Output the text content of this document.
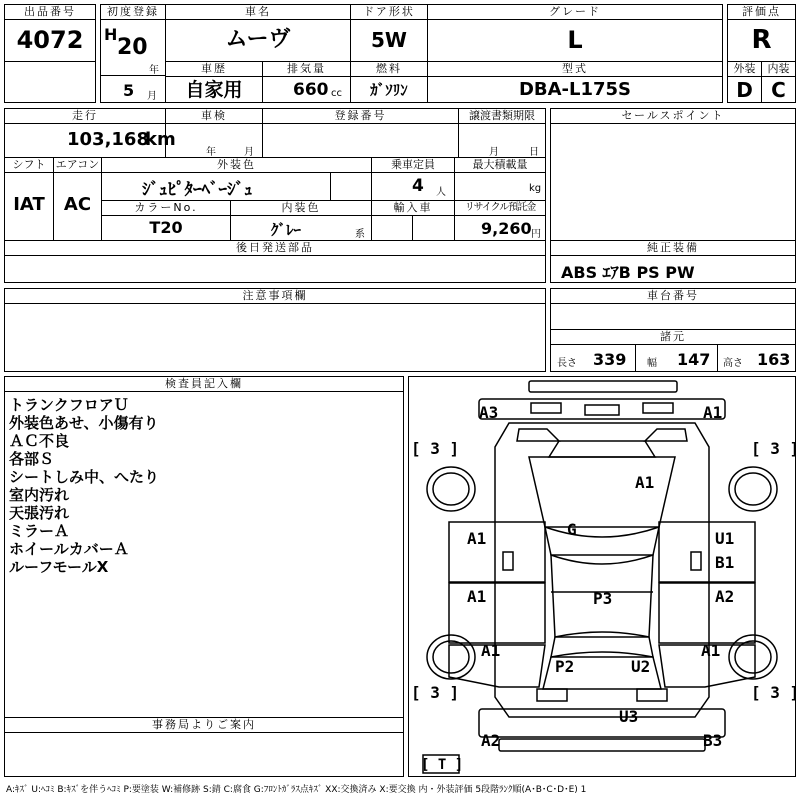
出品番号
4072
初度登録
H
20
年
5 月
車名
ムーヴ
車歴
自家用
排気量
660 cc
ドア形状
5W
燃料
ｶﾞｿﾘﾝ
グレード
L
型式
DBA-L175S
評価点
R
外装
D
内装
C
走行
103,168
km
車検
年	月
登録番号	譲渡書類期限
月	日
セールスポイント
シフト
IAT
エアコン
AC
外装色
ｼﾞｭﾋﾟﾀｰﾍﾞｰｼﾞｭ
乗車定員
4 人
最大積載量
kg
カラーNo.
T20
内装色
ｸﾞﾚｰ	系
輸入車	リサイクル預託金
9,260 円
後日発送部品	純正装備
ABS ｴｱB PS PW
注意事項欄	車台番号
諸元
長さ 339 幅 147 高さ 163
検査員記入欄
トランクフロアＵ
外装色あせ、小傷有り
ＡＣ不良
各部Ｓ
シートしみ中、へたり
室内汚れ
天張汚れ
ミラーＡ
ホイールカバーＡ
ルーフモールX
事務局よりご案内
A3	A1
A1
G
A1	U1
B1
A1	P3	A2
A1	A1
P2	U2
U3
A2	B3
[ 3 ]	[ 3 ]
[ 3 ]	[ 3 ]
[ T ]
A:ｷｽﾞ U:ﾍｺﾐ B:ｷｽﾞを伴うﾍｺﾐ P:要塗装 W:補修跡 S:錆 C:腐食 G:ﾌﾛﾝﾄｶﾞﾗｽ点ｷｽﾞ XX:交換済み X:要交換 内・外装評価 5段階ﾗﾝｸ順(A･B･C･D･E) 1
